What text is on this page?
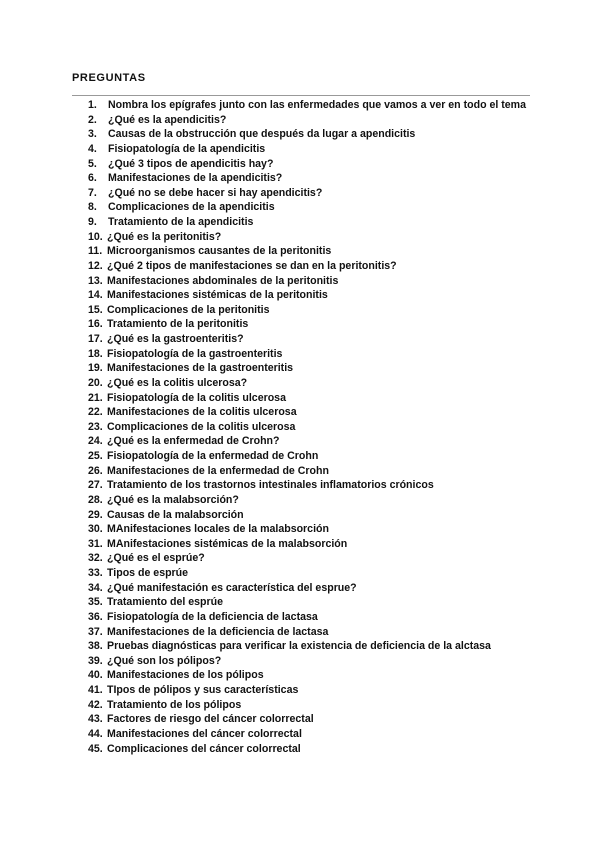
PREGUNTAS
1. Nombra los epígrafes junto con las enfermedades que vamos a ver en todo el tema
2. ¿Qué es la apendicitis?
3. Causas de la obstrucción que después da lugar a apendicitis
4. Fisiopatología de la apendicitis
5. ¿Qué 3 tipos de apendicitis hay?
6. Manifestaciones de la apendicitis?
7. ¿Qué no se debe hacer si hay apendicitis?
8. Complicaciones de la apendicitis
9. Tratamiento de la apendicitis
10. ¿Qué es la peritonitis?
11. Microorganismos causantes de la peritonitis
12. ¿Qué 2 tipos de manifestaciones se dan en la peritonitis?
13. Manifestaciones abdominales de la peritonitis
14. Manifestaciones sistémicas de la peritonitis
15. Complicaciones de la peritonitis
16. Tratamiento de la peritonitis
17. ¿Qué es la gastroenteritis?
18. Fisiopatología de la gastroenteritis
19. Manifestaciones de la gastroenteritis
20. ¿Qué es la colitis ulcerosa?
21. Fisiopatología de la colitis ulcerosa
22. Manifestaciones de la colitis ulcerosa
23. Complicaciones de la colitis ulcerosa
24. ¿Qué es la enfermedad de Crohn?
25. Fisiopatología de la enfermedad de Crohn
26. Manifestaciones de la enfermedad de Crohn
27. Tratamiento de los trastornos intestinales inflamatorios crónicos
28. ¿Qué es la malabsorción?
29. Causas de la malabsorción
30. MAnifestaciones locales de la malabsorción
31. MAnifestaciones sistémicas de la malabsorción
32. ¿Qué es el esprúe?
33. Tipos de esprúe
34. ¿Qué manifestación es característica del esprue?
35. Tratamiento del esprúe
36. Fisiopatología de la deficiencia de lactasa
37. Manifestaciones de la deficiencia de lactasa
38. Pruebas diagnósticas para verificar la existencia de deficiencia de la alctasa
39. ¿Qué son los pólipos?
40. Manifestaciones de los pólipos
41. TIpos de pólipos y sus características
42. Tratamiento de los pólipos
43. Factores de riesgo del cáncer colorrectal
44. Manifestaciones del cáncer colorrectal
45. Complicaciones del cáncer colorrectal
